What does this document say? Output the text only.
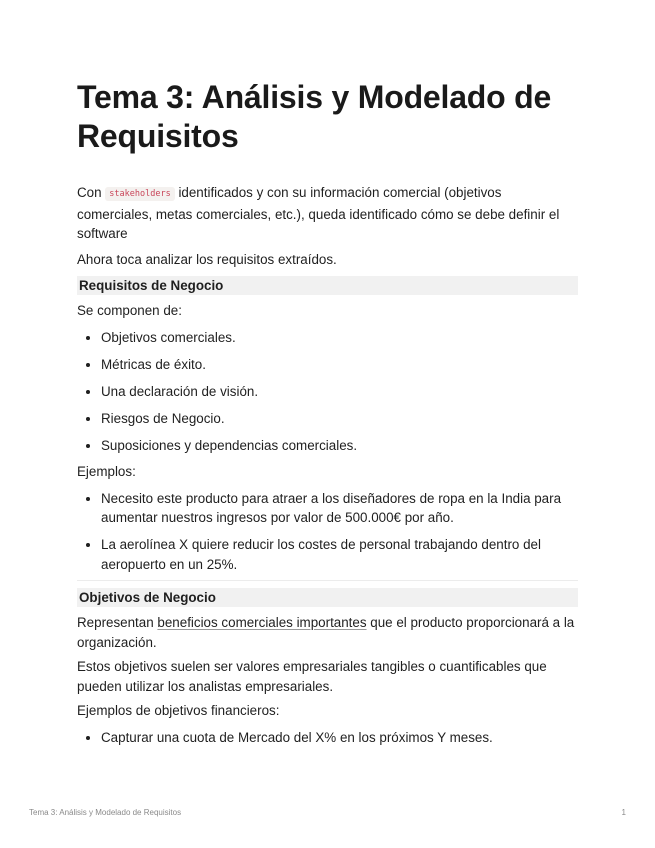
Tema 3: Análisis y Modelado de Requisitos

Con stakeholders identificados y con su información comercial (objetivos comerciales, metas comerciales, etc.), queda identificado cómo se debe definir el software

Ahora toca analizar los requisitos extraídos.

Requisitos de Negocio

Se componen de:

• Objetivos comerciales.
• Métricas de éxito.
• Una declaración de visión.
• Riesgos de Negocio.
• Suposiciones y dependencias comerciales.

Ejemplos:

• Necesito este producto para atraer a los diseñadores de ropa en la India para aumentar nuestros ingresos por valor de 500.000€ por año.
• La aerolínea X quiere reducir los costes de personal trabajando dentro del aeropuerto en un 25%.
Objetivos de Negocio

Representan beneficios comerciales importantes que el producto proporcionará a la organización.

Estos objetivos suelen ser valores empresariales tangibles o cuantificables que pueden utilizar los analistas empresariales.

Ejemplos de objetivos financieros:

• Capturar una cuota de Mercado del X% en los próximos Y meses.
Tema 3: Análisis y Modelado de Requisitos	1
